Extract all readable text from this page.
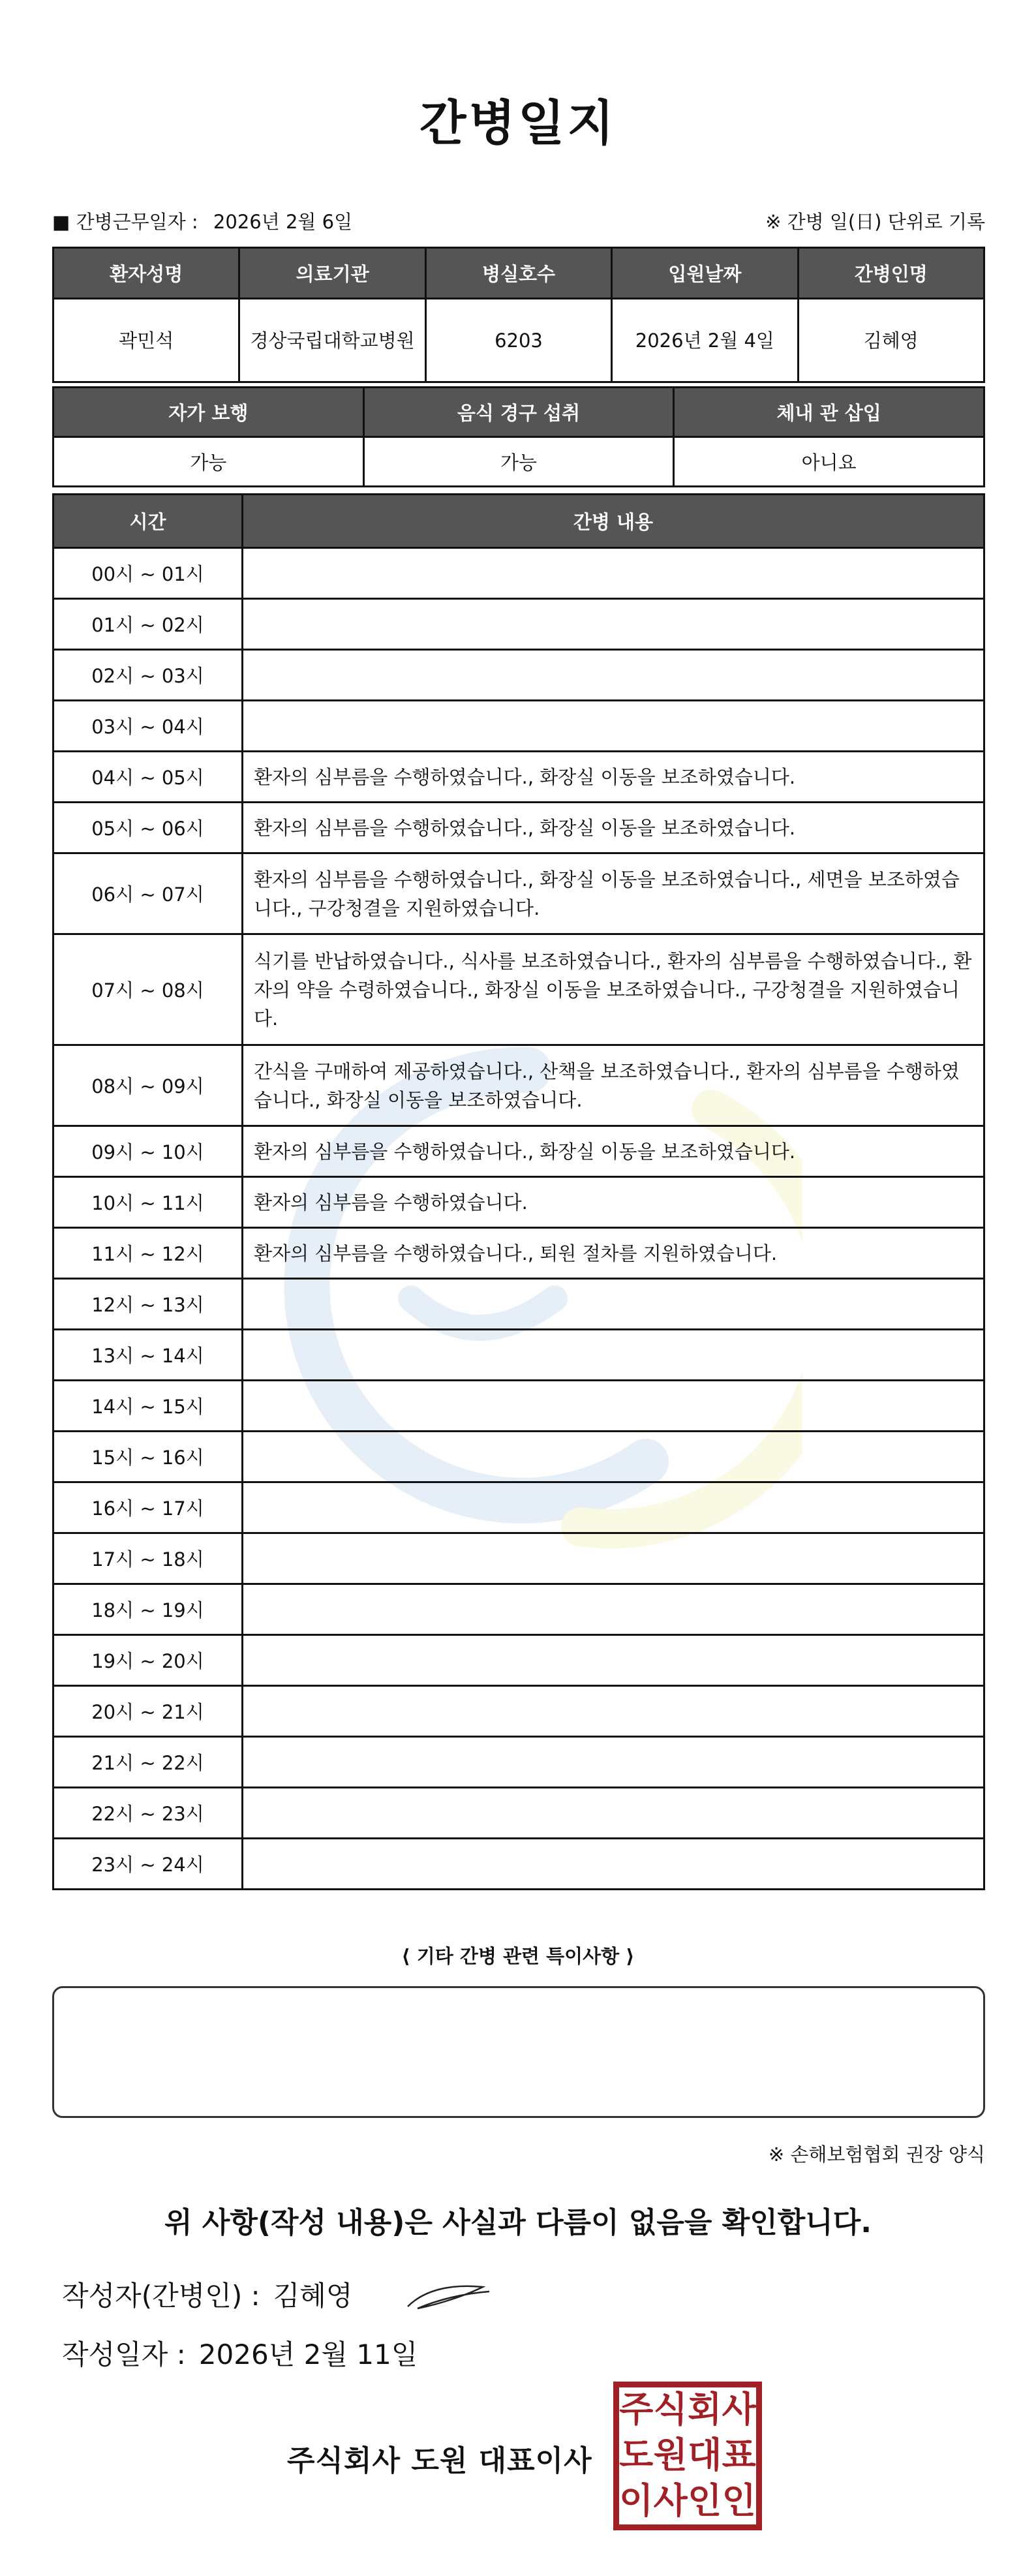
간병일지
■ 간병근무일자 : 2026년 2월 6일	※ 간병 일(日) 단위로 기록
환자성명	의료기관	병실호수	입원날짜	간병인명
곽민석	경상국립대학교병원	6203	2026년 2월 4일	김혜영
자가 보행	음식 경구 섭취	체내 관 삽입
가능	가능	아니요
시간	간병 내용
00시 ~ 01시	
01시 ~ 02시	
02시 ~ 03시	
03시 ~ 04시	
04시 ~ 05시	환자의 심부름을 수행하였습니다., 화장실 이동을 보조하였습니다.
05시 ~ 06시	환자의 심부름을 수행하였습니다., 화장실 이동을 보조하였습니다.
06시 ~ 07시	환자의 심부름을 수행하였습니다., 화장실 이동을 보조하였습니다., 세면을 보조하였습니다., 구강청결을 지원하였습니다.
07시 ~ 08시	식기를 반납하였습니다., 식사를 보조하였습니다., 환자의 심부름을 수행하였습니다., 환자의 약을 수령하였습니다., 화장실 이동을 보조하였습니다., 구강청결을 지원하였습니다.
08시 ~ 09시	간식을 구매하여 제공하였습니다., 산책을 보조하였습니다., 환자의 심부름을 수행하였습니다., 화장실 이동을 보조하였습니다.
09시 ~ 10시	환자의 심부름을 수행하였습니다., 화장실 이동을 보조하였습니다.
10시 ~ 11시	환자의 심부름을 수행하였습니다.
11시 ~ 12시	환자의 심부름을 수행하였습니다., 퇴원 절차를 지원하였습니다.
12시 ~ 13시	
13시 ~ 14시	
14시 ~ 15시	
15시 ~ 16시	
16시 ~ 17시	
17시 ~ 18시	
18시 ~ 19시	
19시 ~ 20시	
20시 ~ 21시	
21시 ~ 22시	
22시 ~ 23시	
23시 ~ 24시	
⟨ 기타 간병 관련 특이사항 ⟩
※ 손해보험협회 권장 양식
위 사항(작성 내용)은 사실과 다름이 없음을 확인합니다.
작성자(간병인) : 김혜영
작성일자 : 2026년 2월 11일
주식회사 도원 대표이사
주 식 회 사
도 원 대 표
이 사 인 인
